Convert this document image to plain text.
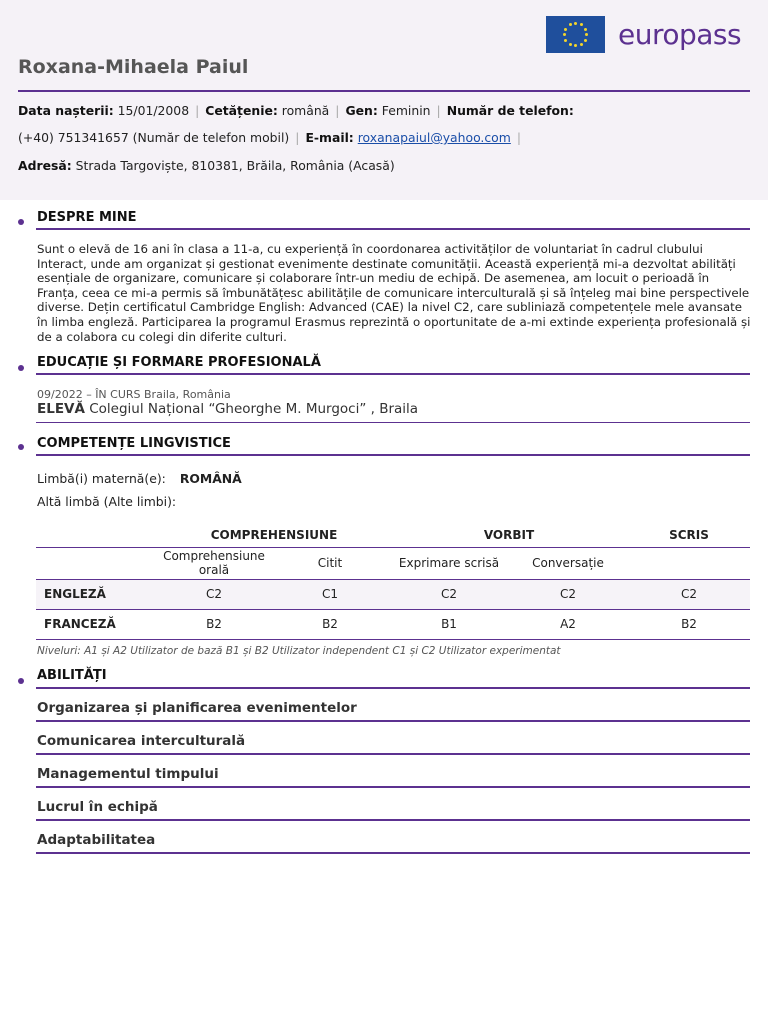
europass
Roxana-Mihaela Paiul
Data nașterii: 15/01/2008 | Cetățenie: română | Gen: Feminin | Număr de telefon:
(+40) 751341657 (Număr de telefon mobil) | E-mail: roxanapaiul@yahoo.com |
Adresă: Strada Targoviște, 810381, Brăila, România (Acasă)
DESPRE MINE
Sunt o elevă de 16 ani în clasa a 11-a, cu experiență în coordonarea activităților de voluntariat în cadrul clubului Interact, unde am organizat și gestionat evenimente destinate comunității. Această experiență mi-a dezvoltat abilități esențiale de organizare, comunicare și colaborare într-un mediu de echipă. De asemenea, am locuit o perioadă în Franța, ceea ce mi-a permis să îmbunătățesc abilitățile de comunicare interculturală și să înțeleg mai bine perspectivele diverse. Dețin certificatul Cambridge English: Advanced (CAE) la nivel C2, care subliniază competențele mele avansate în limba engleză. Participarea la programul Erasmus reprezintă o oportunitate de a-mi extinde experiența profesională și de a colabora cu colegi din diferite culturi.
EDUCAȚIE ȘI FORMARE PROFESIONALĂ
09/2022 – ÎN CURS Braila, România
ELEVĂ Colegiul Național “Gheorghe M. Murgoci” , Braila
COMPETENȚE LINGVISTICE
Limbă(i) maternă(e): ROMÂNĂ
Altă limbă (Alte limbi):
	COMPREHENSIUNE		VORBIT		SCRIS
	Comprehensiune orală	Citit	Exprimare scrisă	Conversație	
ENGLEZĂ	C2	C1	C2	C2	C2
FRANCEZĂ	B2	B2	B1	A2	B2
Niveluri: A1 și A2 Utilizator de bază B1 și B2 Utilizator independent C1 și C2 Utilizator experimentat
ABILITĂȚI
Organizarea și planificarea evenimentelor
Comunicarea interculturală
Managementul timpului
Lucrul în echipă
Adaptabilitatea
